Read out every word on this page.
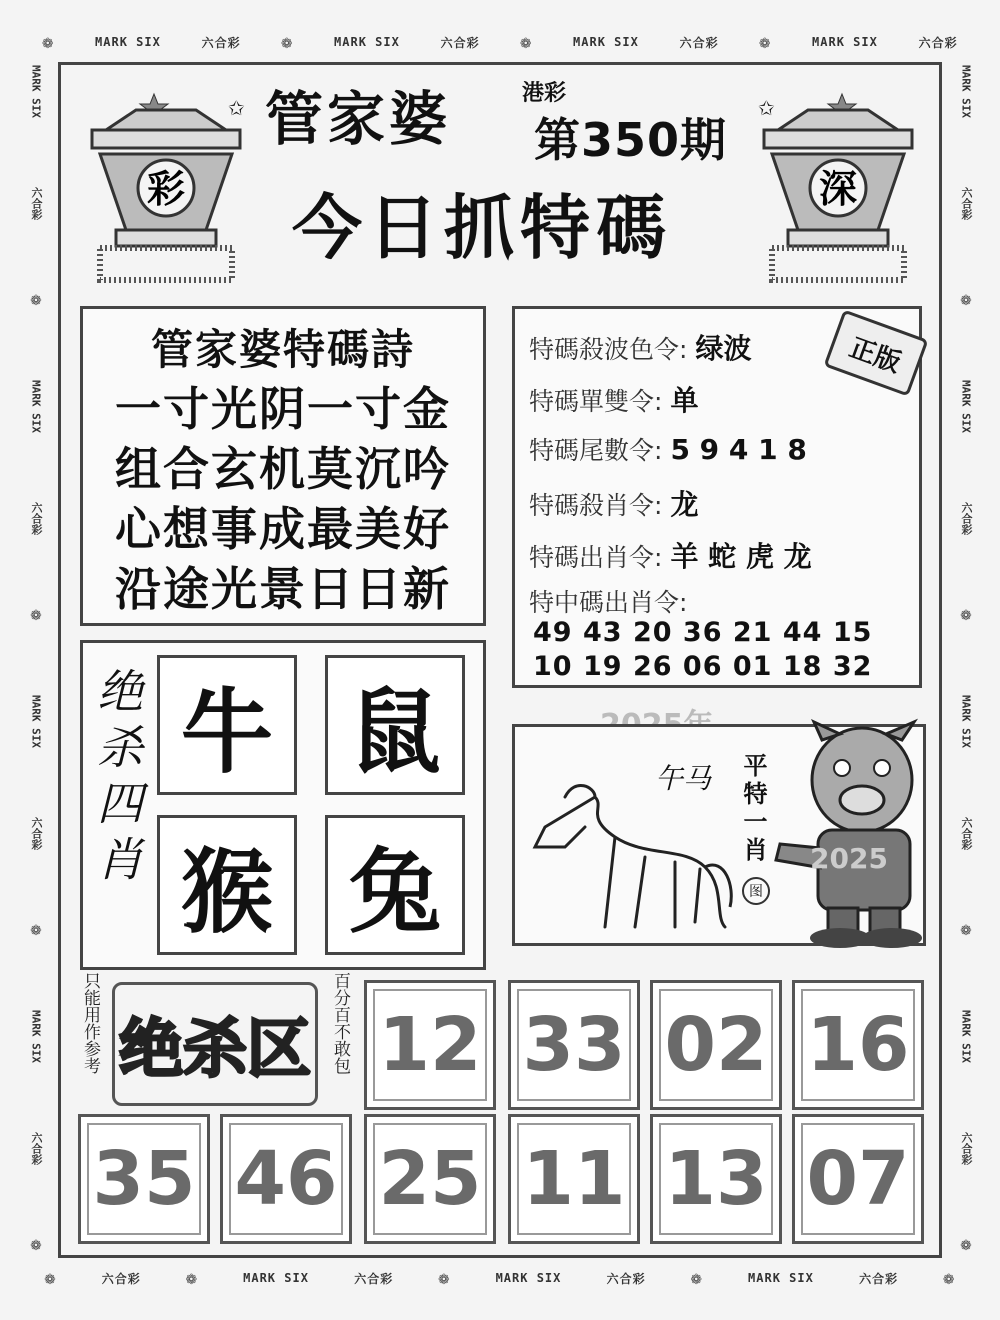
❁	MARK SIX	六合彩 ❁	MARK SIX	六合彩 ❁	MARK SIX	六合彩 ❁	MARK SIX	六合彩
❁	六合彩	❁	MARK SIX	六合彩	❁	MARK SIX	六合彩	❁	MARK SIX	六合彩	❁
MARK SIX
六合彩
❁
MARK SIX
六合彩
❁
MARK SIX
六合彩
❁
MARK SIX
六合彩
❁
MARK SIX
六合彩
❁
MARK SIX
六合彩
❁
MARK SIX
六合彩
❁
MARK SIX
六合彩
❁
彩	深
✩	✩
管家婆	港彩
第350期
今日抓特碼
管家婆特碼詩
一寸光阴一寸金
组合玄机莫沉吟
心想事成最美好
沿途光景日日新
正版
特碼殺波色令: 绿波
特碼單雙令: 单
特碼尾數令: 5 9 4 1 8
特碼殺肖令: 龙
特碼出肖令: 羊 蛇 虎 龙
特中碼出肖令:
49 43 20 36 21 44 15
10 19 26 06 01 18 32
绝杀四肖 牛 鼠
猴 兔
午马 平特一肖
图
2025
只能用作参考 绝杀区	百分百不敢包 12 33 02 16
35 46 25 11 13 07
